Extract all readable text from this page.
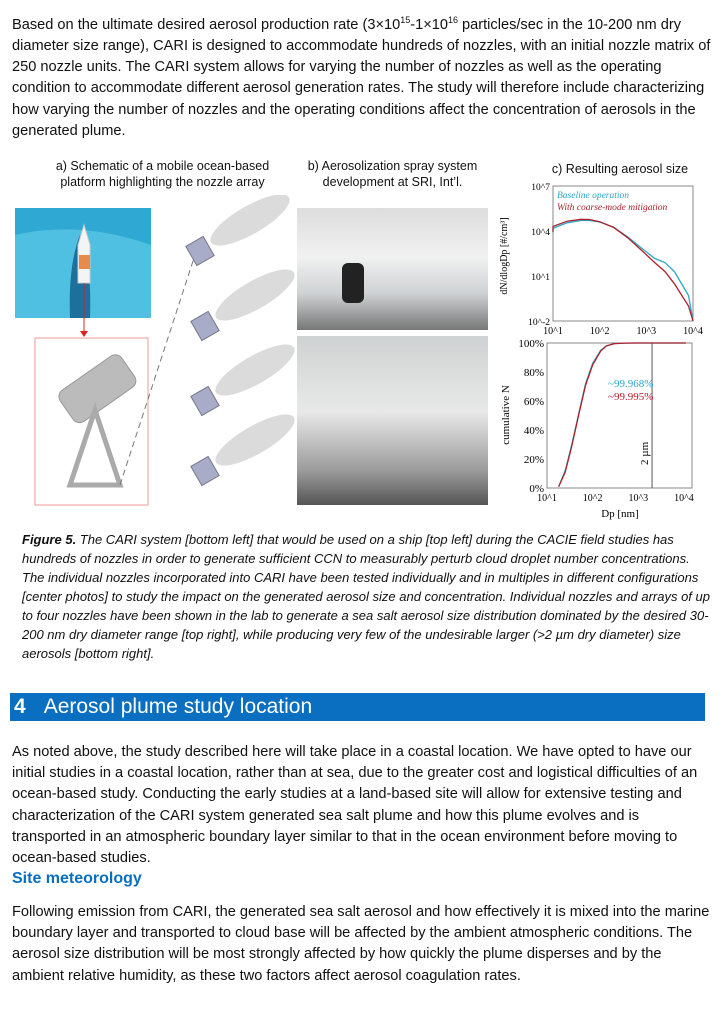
Based on the ultimate desired aerosol production rate ($3\times 10^{15}-1\times 10^{16}$ particles/sec in the 10-200 nm dry diameter size range), CARI is designed to accommodate hundreds of nozzles, with an initial nozzle matrix of 250 nozzle units. The CARI system allows for varying the number of nozzles as well as the operating condition to accommodate different aerosol generation rates. The study will therefore include characterizing how varying the number of nozzles and the operating conditions affect the concentration of aerosols in the generated plume.

a) Schematic of a mobile ocean-based platform highlighting the nozzle array
b) Aerosolization spray system development at SRI, Int’l.
c) Resulting aerosol size
10^1	10^2	10^3	10^4
10^-2
10^1
10^4
10^7
dN/dlogDp [#/cm³]
Baseline operation
With coarse-mode mitigation
10^1	10^2	10^3	10^4
0%
20%
40%
60%
80%
100%
cumulative N
Dp [nm]
~99.968%
~99.995%
2 µm

Figure 5. The CARI system [bottom left] that would be used on a ship [top left] during the CACIE field studies has hundreds of nozzles in order to generate sufficient CCN to measurably perturb cloud droplet number concentrations. The individual nozzles incorporated into CARI have been tested individually and in multiples in different configurations [center photos] to study the impact on the generated aerosol size and concentration. Individual nozzles and arrays of up to four nozzles have been shown in the lab to generate a sea salt aerosol size distribution dominated by the desired 30-200 nm dry diameter range [top right], while producing very few of the undesirable larger (>2 µm dry diameter) size aerosols [bottom right].

4 Aerosol plume study location

As noted above, the study described here will take place in a coastal location. We have opted to have our initial studies in a coastal location, rather than at sea, due to the greater cost and logistical difficulties of an ocean-based study. Conducting the early studies at a land-based site will allow for extensive testing and characterization of the CARI system generated sea salt plume and how this plume evolves and is transported in an atmospheric boundary layer similar to that in the ocean environment before moving to ocean-based studies.

Site meteorology

Following emission from CARI, the generated sea salt aerosol and how effectively it is mixed into the marine boundary layer and transported to cloud base will be affected by the ambient atmospheric conditions. The aerosol size distribution will be most strongly affected by how quickly the plume disperses and by the ambient relative humidity, as these two factors affect aerosol coagulation rates.
